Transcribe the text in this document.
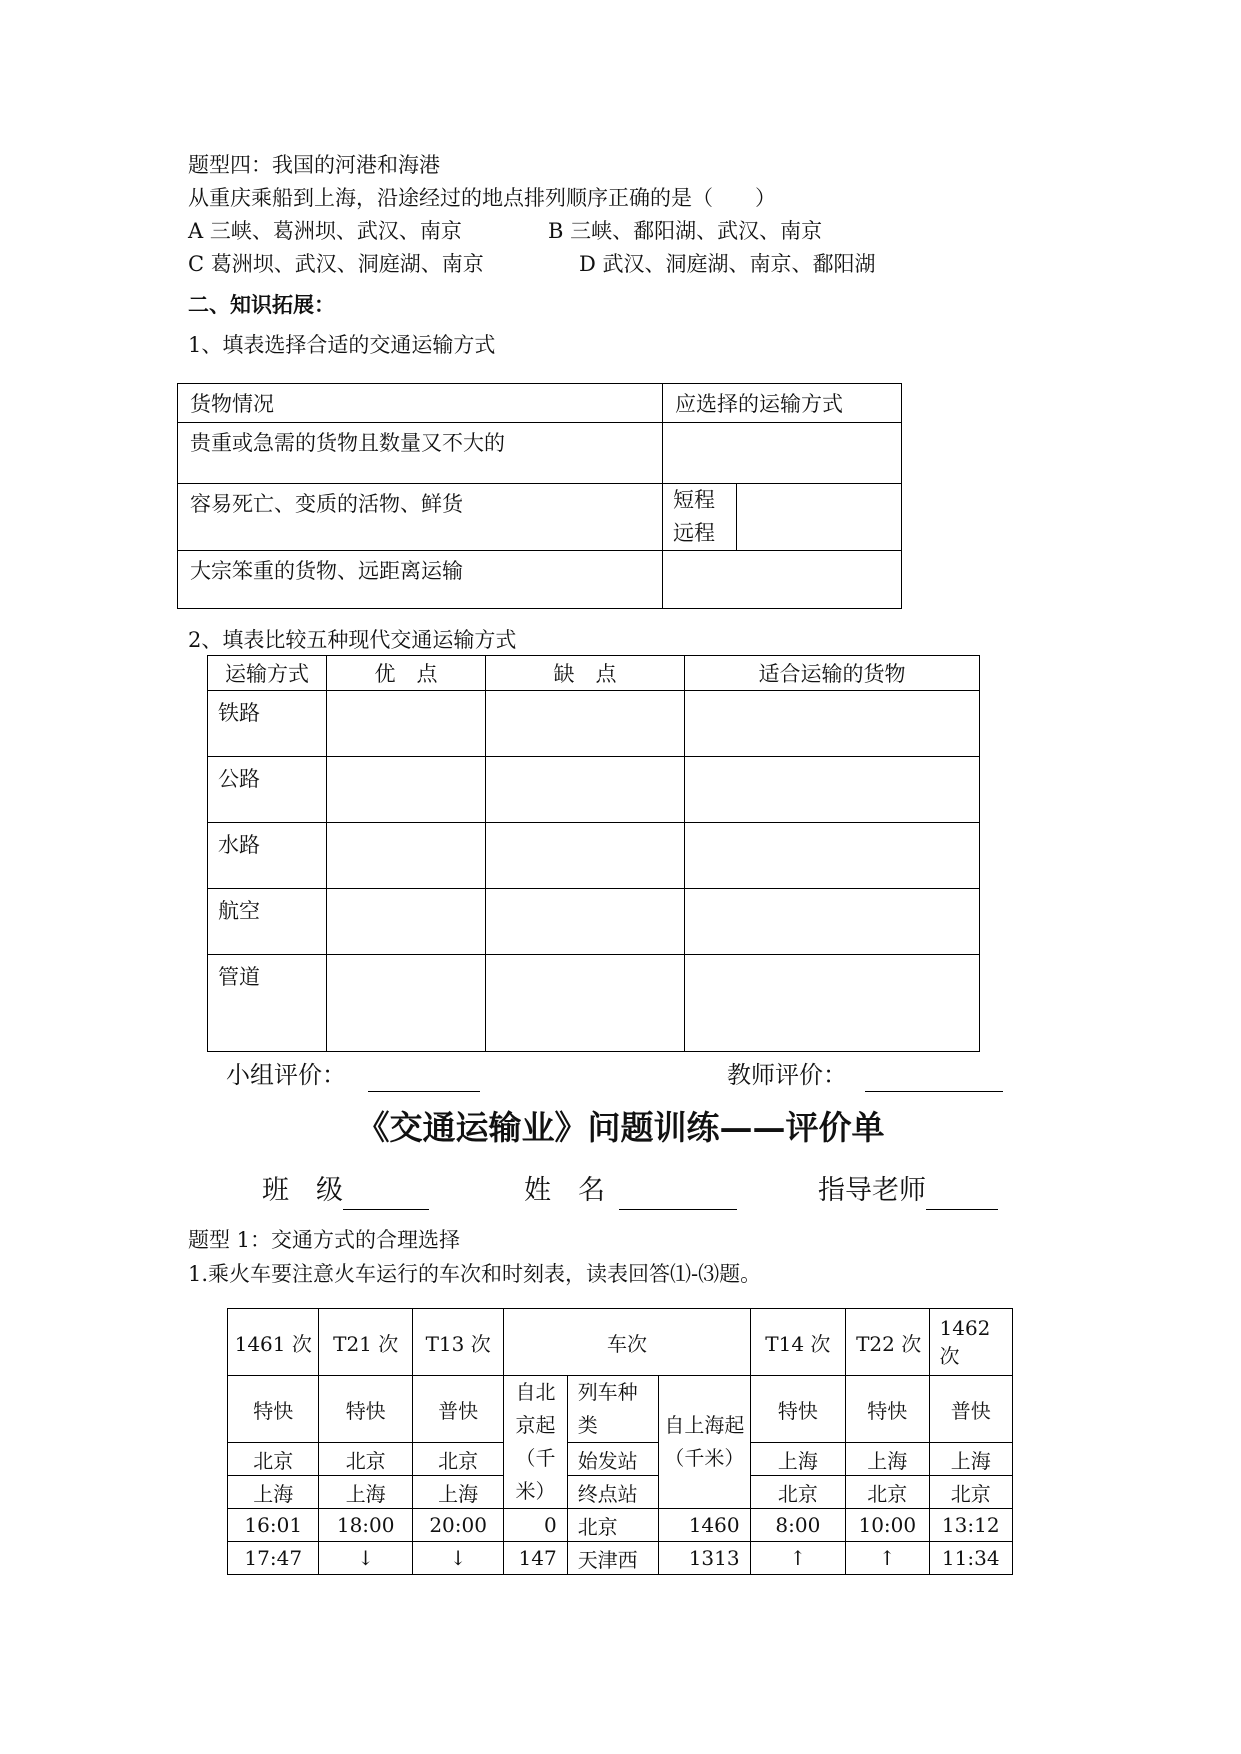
题型四：我国的河港和海港
从重庆乘船到上海，沿途经过的地点排列顺序正确的是（　　）
A 三峡、葛洲坝、武汉、南京	B 三峡、鄱阳湖、武汉、南京
C 葛洲坝、武汉、洞庭湖、南京	D 武汉、洞庭湖、南京、鄱阳湖
二、知识拓展：
1、填表选择合适的交通运输方式
货物情况	应选择的运输方式	
贵重或急需的货物且数量又不大的		
容易死亡、变质的活物、鲜货	短程
远程	

大宗笨重的货物、远距离运输		
2、填表比较五种现代交通运输方式
运输方式	优　点	缺　点	适合运输的货物
铁路			
公路			
水路			
航空			
管道			
小组评价：	教师评价：
《交通运输业》问题训练——评价单
班　级	姓　名	指导老师
题型 1：交通方式的合理选择
1.乘火车要注意火车运行的车次和时刻表，读表回答⑴-⑶题。
1461 次	T21 次	T13 次	车次			T14 次	T22 次	1462 次
特快	特快	普快	自北京起（千米）	列车种类	自上海起（千米）	特快	特快	普快
北京	北京	北京		始发站		上海	上海	上海
上海	上海	上海		终点站		北京	北京	北京
16:01	18:00	20:00	0	北京	1460	8:00	10:00	13:12
17:47	↓	↓	147	天津西	1313	↑	↑	11:34
